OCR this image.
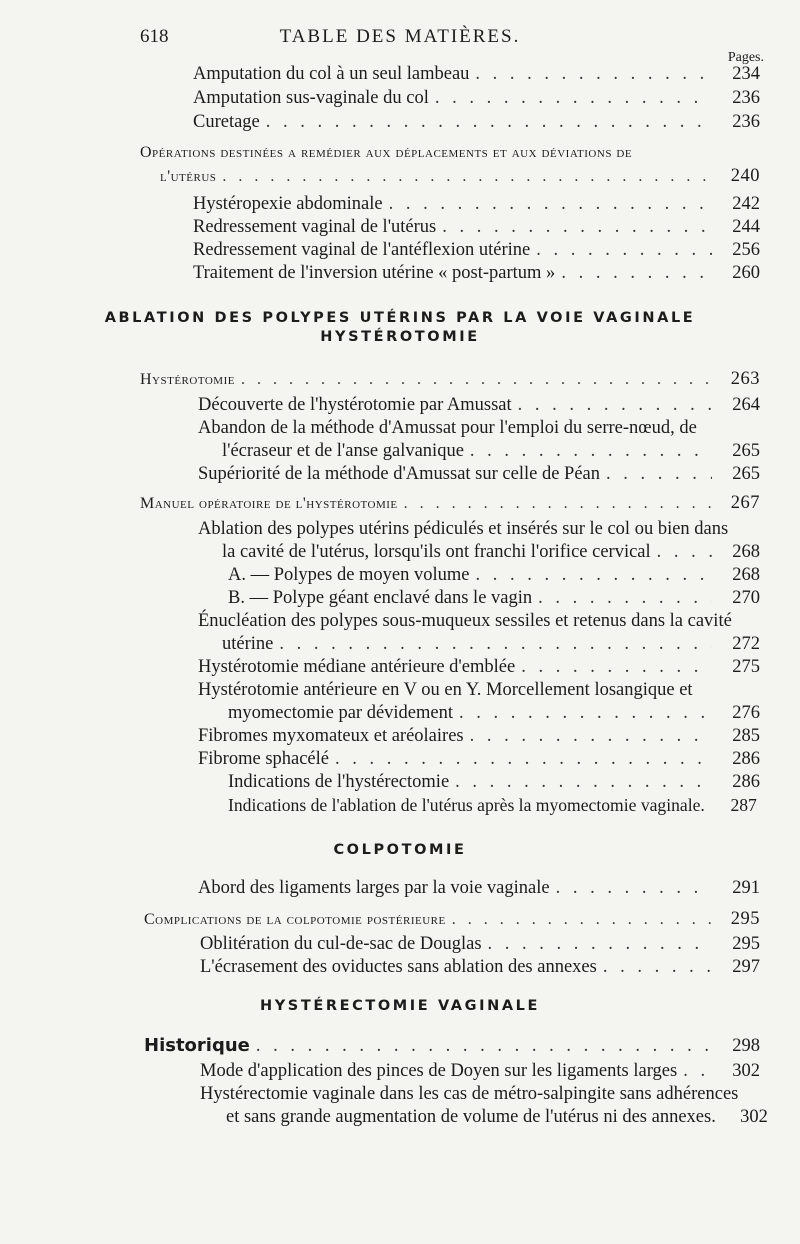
618	TABLE DES MATIÈRES.
Pages.
Amputation du col à un seul lambeau . . .	234
Amputation sus-vaginale du col . . .	236
Curetage . . .	236
Opérations destinées a remédier aux déplacements et aux déviations de
l'utérus . . .	240
Hystéropexie abdominale . . .	242
Redressement vaginal de l'utérus . . .	244
Redressement vaginal de l'antéflexion utérine . . .	256
Traitement de l'inversion utérine « post-partum » . . .	260
ABLATION DES POLYPES UTÉRINS PAR LA VOIE VAGINALE
HYSTÉROTOMIE
Hystérotomie . . .	263
Découverte de l'hystérotomie par Amussat . . .	264
Abandon de la méthode d'Amussat pour l'emploi du serre-nœud, de
l'écraseur et de l'anse galvanique . . .	265
Supériorité de la méthode d'Amussat sur celle de Péan . . .	265
Manuel opératoire de l'hystérotomie . . .	267
Ablation des polypes utérins pédiculés et insérés sur le col ou bien dans
la cavité de l'utérus, lorsqu'ils ont franchi l'orifice cervical . . .	268
A. — Polypes de moyen volume . . .	268
B. — Polype géant enclavé dans le vagin . . .	270
Énucléation des polypes sous-muqueux sessiles et retenus dans la cavité
utérine . . .	272
Hystérotomie médiane antérieure d'emblée . . .	275
Hystérotomie antérieure en V ou en Y. Morcellement losangique et
myomectomie par dévidement . . .	276
Fibromes myxomateux et aréolaires . . .	285
Fibrome sphacélé . . .	286
Indications de l'hystérectomie . . .	286
Indications de l'ablation de l'utérus après la myomectomie vaginale.	287
COLPOTOMIE
Abord des ligaments larges par la voie vaginale . . .	291
Complications de la colpotomie postérieure . . .	295
Oblitération du cul-de-sac de Douglas . . .	295
L'écrasement des oviductes sans ablation des annexes . . .	297
HYSTÉRECTOMIE VAGINALE
Historique . . .	298
Mode d'application des pinces de Doyen sur les ligaments larges . . .	302
Hystérectomie vaginale dans les cas de métro-salpingite sans adhérences
et sans grande augmentation de volume de l'utérus ni des annexes.	302
